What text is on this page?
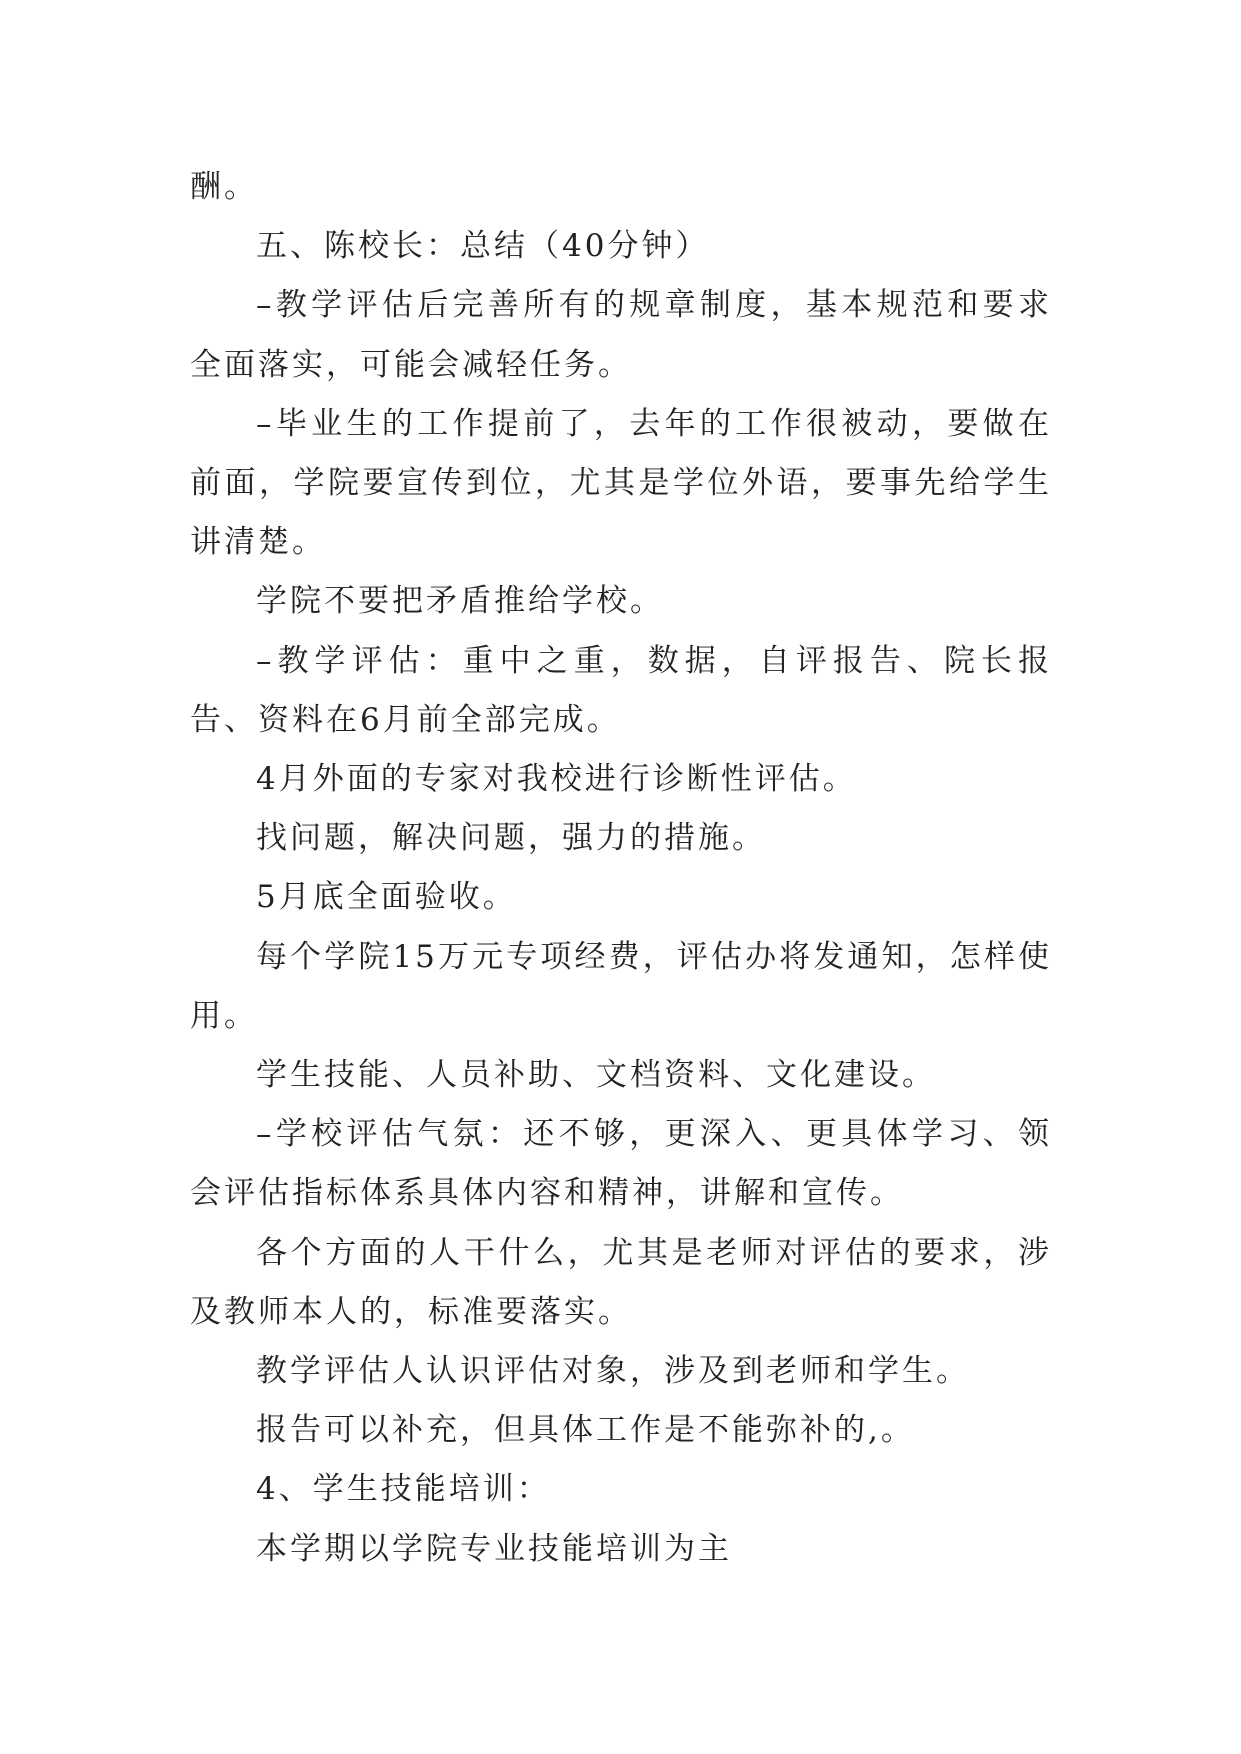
酬。

五、陈校长：总结（40分钟）

–教学评估后完善所有的规章制度，基本规范和要求全面落实，可能会减轻任务。

–毕业生的工作提前了，去年的工作很被动，要做在前面，学院要宣传到位，尤其是学位外语，要事先给学生讲清楚。

学院不要把矛盾推给学校。

–教学评估：重中之重，数据，自评报告、院长报告、资料在6月前全部完成。

4月外面的专家对我校进行诊断性评估。

找问题，解决问题，强力的措施。

5月底全面验收。

每个学院15万元专项经费，评估办将发通知，怎样使用。

学生技能、人员补助、文档资料、文化建设。

–学校评估气氛：还不够，更深入、更具体学习、领会评估指标体系具体内容和精神，讲解和宣传。

各个方面的人干什么，尤其是老师对评估的要求，涉及教师本人的，标准要落实。

教学评估人认识评估对象，涉及到老师和学生。

报告可以补充，但具体工作是不能弥补的,。

4、学生技能培训：

本学期以学院专业技能培训为主
